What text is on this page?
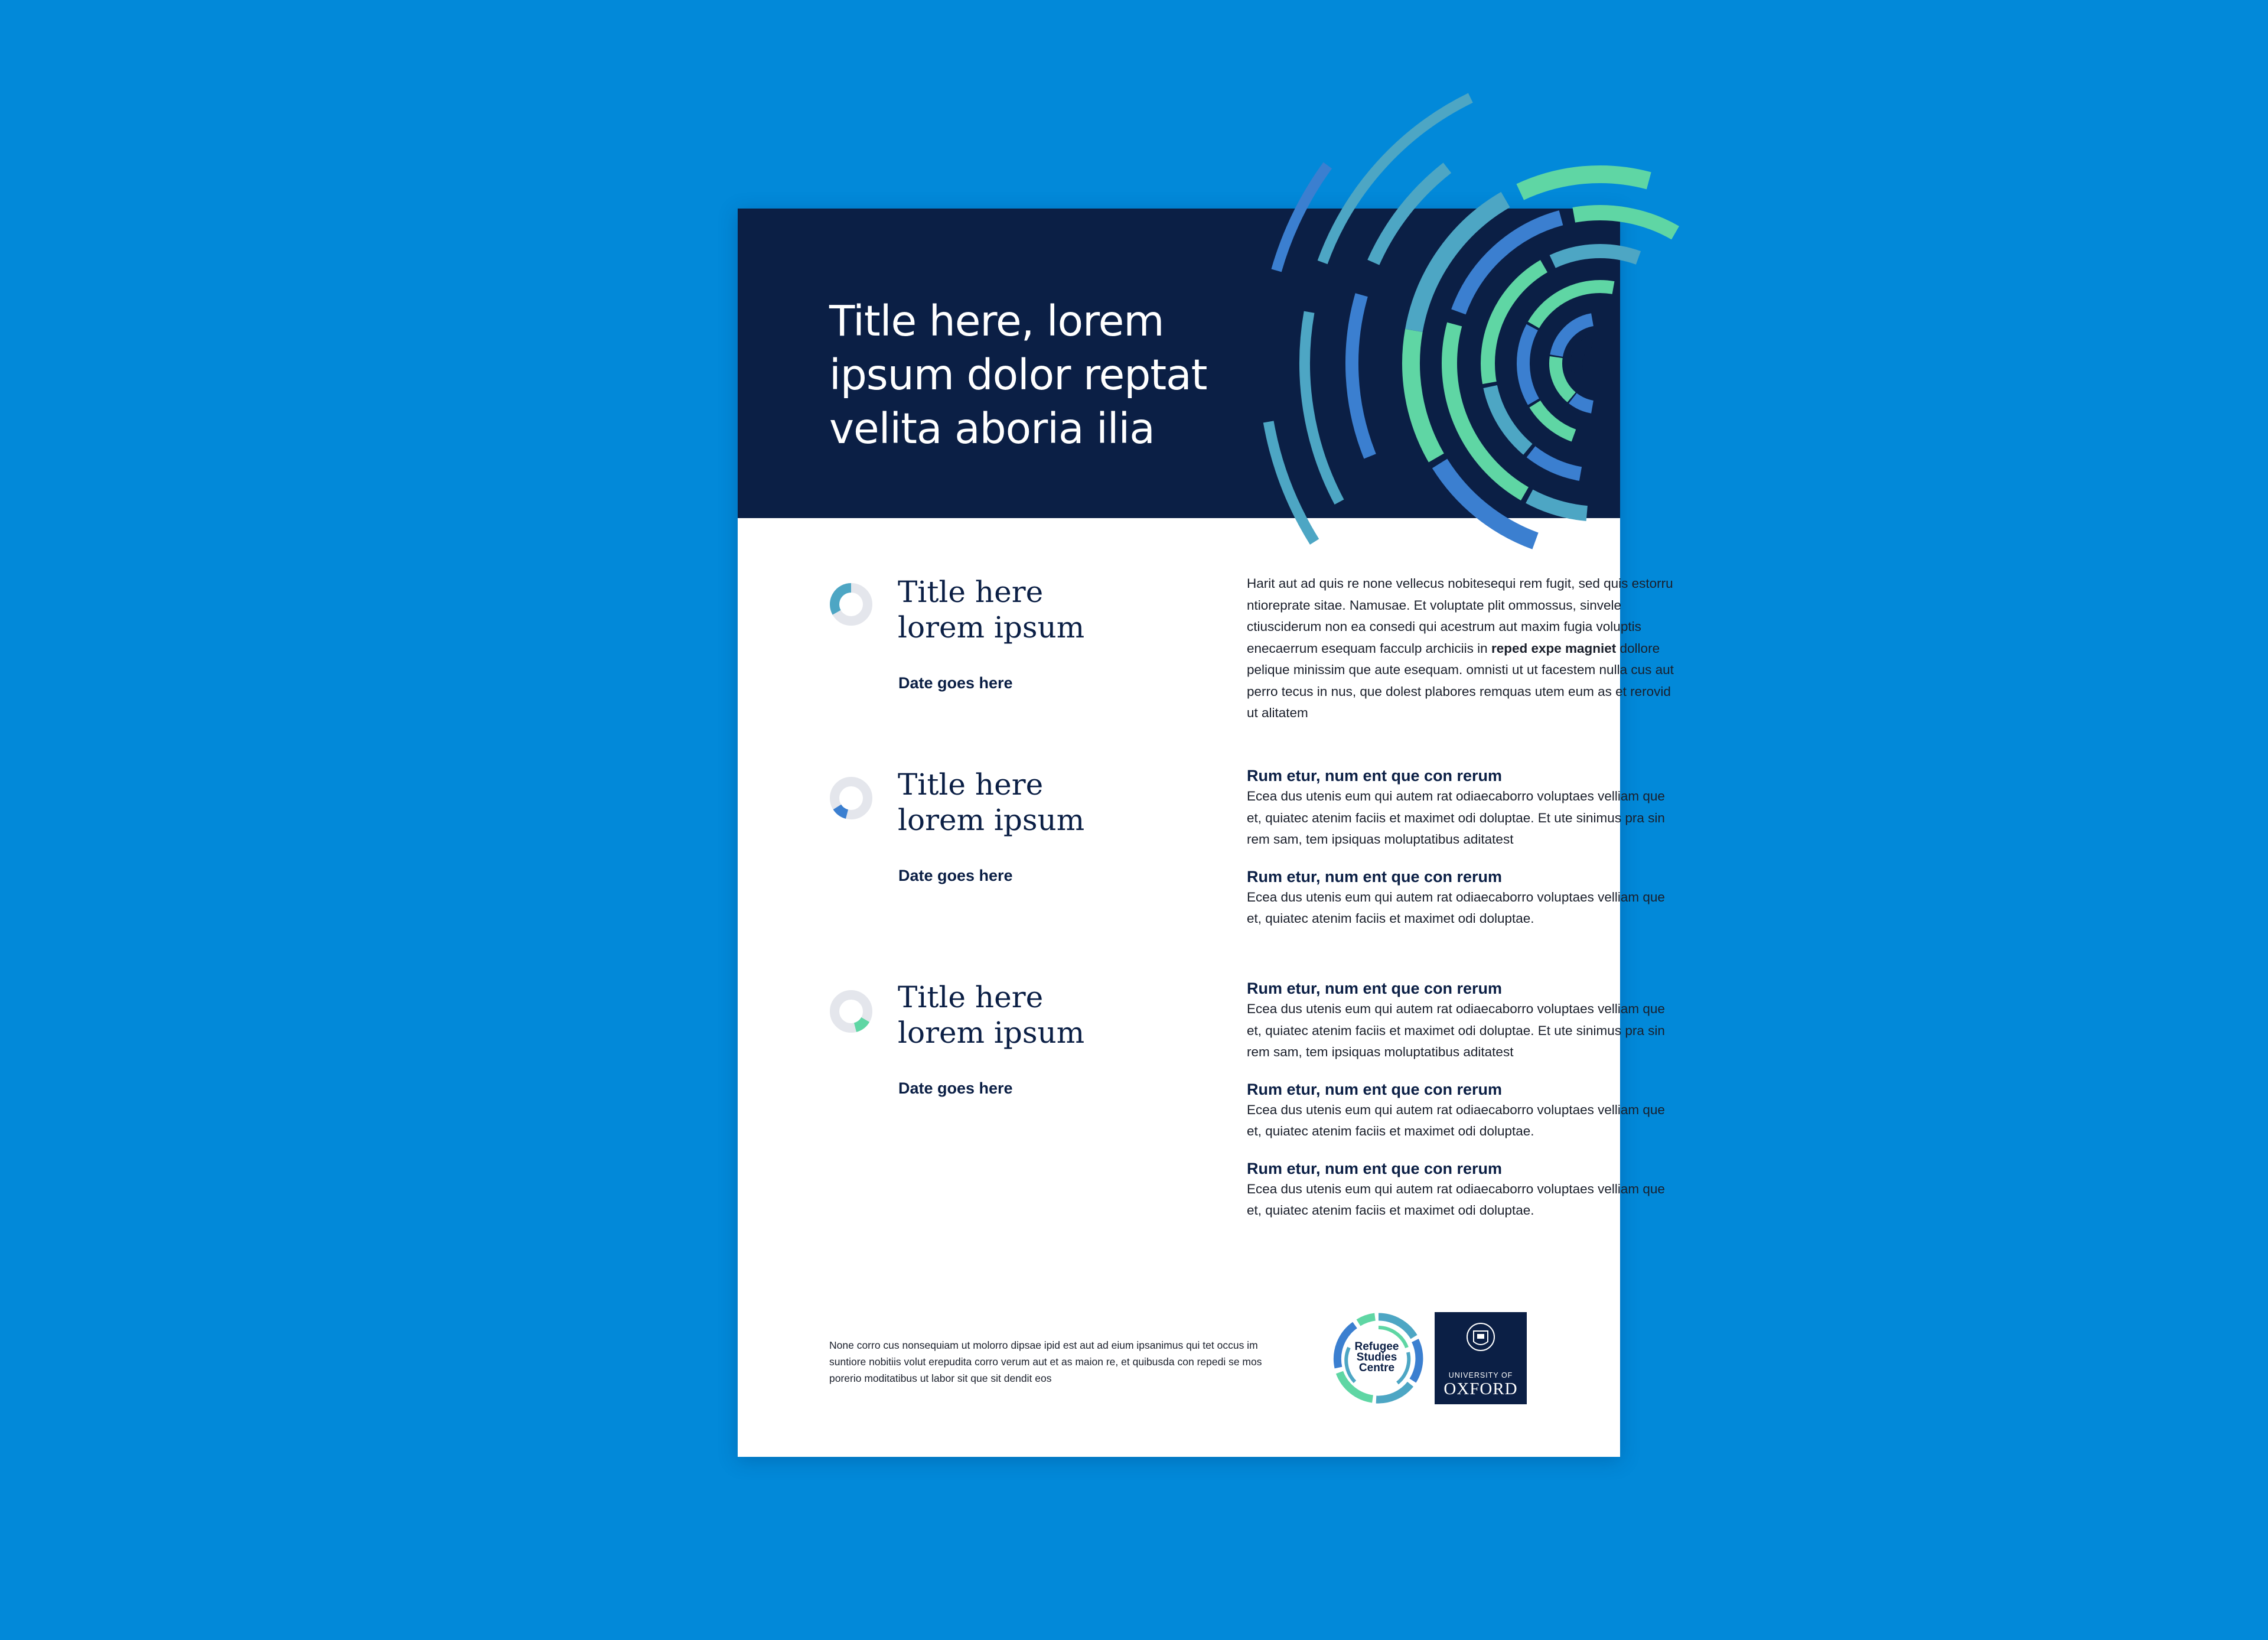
Title here, lorem
ipsum dolor reptat
velita aboria ilia
Title here
lorem ipsum
Date goes here

Harit aut ad quis re none vellecus nobitesequi rem fugit, sed quis estorru ntioreprate sitae. Namusae. Et voluptate plit ommossus, sinvele ctiusciderum non ea consedi qui acestrum aut maxim fugia voluptis enecaerrum esequam facculp archiciis in reped expe magniet dollore pelique minissim que aute esequam. omnisti ut ut facestem nulla cus aut perro tecus in nus, que dolest plabores remquas utem eum as et rerovid ut alitatem

Title here
lorem ipsum
Date goes here

Rum etur, num ent que con rerum

Ecea dus utenis eum qui autem rat odiaecaborro voluptaes velliam que et, quiatec atenim faciis et maximet odi doluptae. Et ute sinimus pra sin rem sam, tem ipsiquas moluptatibus aditatest

Rum etur, num ent que con rerum

Ecea dus utenis eum qui autem rat odiaecaborro voluptaes velliam que et, quiatec atenim faciis et maximet odi doluptae.

Title here
lorem ipsum
Date goes here

Rum etur, num ent que con rerum

Ecea dus utenis eum qui autem rat odiaecaborro voluptaes velliam que et, quiatec atenim faciis et maximet odi doluptae. Et ute sinimus pra sin rem sam, tem ipsiquas moluptatibus aditatest

Rum etur, num ent que con rerum

Ecea dus utenis eum qui autem rat odiaecaborro voluptaes velliam que et, quiatec atenim faciis et maximet odi doluptae.

Rum etur, num ent que con rerum

Ecea dus utenis eum qui autem rat odiaecaborro voluptaes velliam que et, quiatec atenim faciis et maximet odi doluptae.

None corro cus nonsequiam ut molorro dipsae ipid est aut ad eium ipsanimus qui tet occus im suntiore nobitiis volut erepudita corro verum aut et as maion re, et quibusda con repedi se mos porerio moditatibus ut labor sit que sit dendit eos

Refugee Studies Centre
UNIVERSITY OF
OXFORD
